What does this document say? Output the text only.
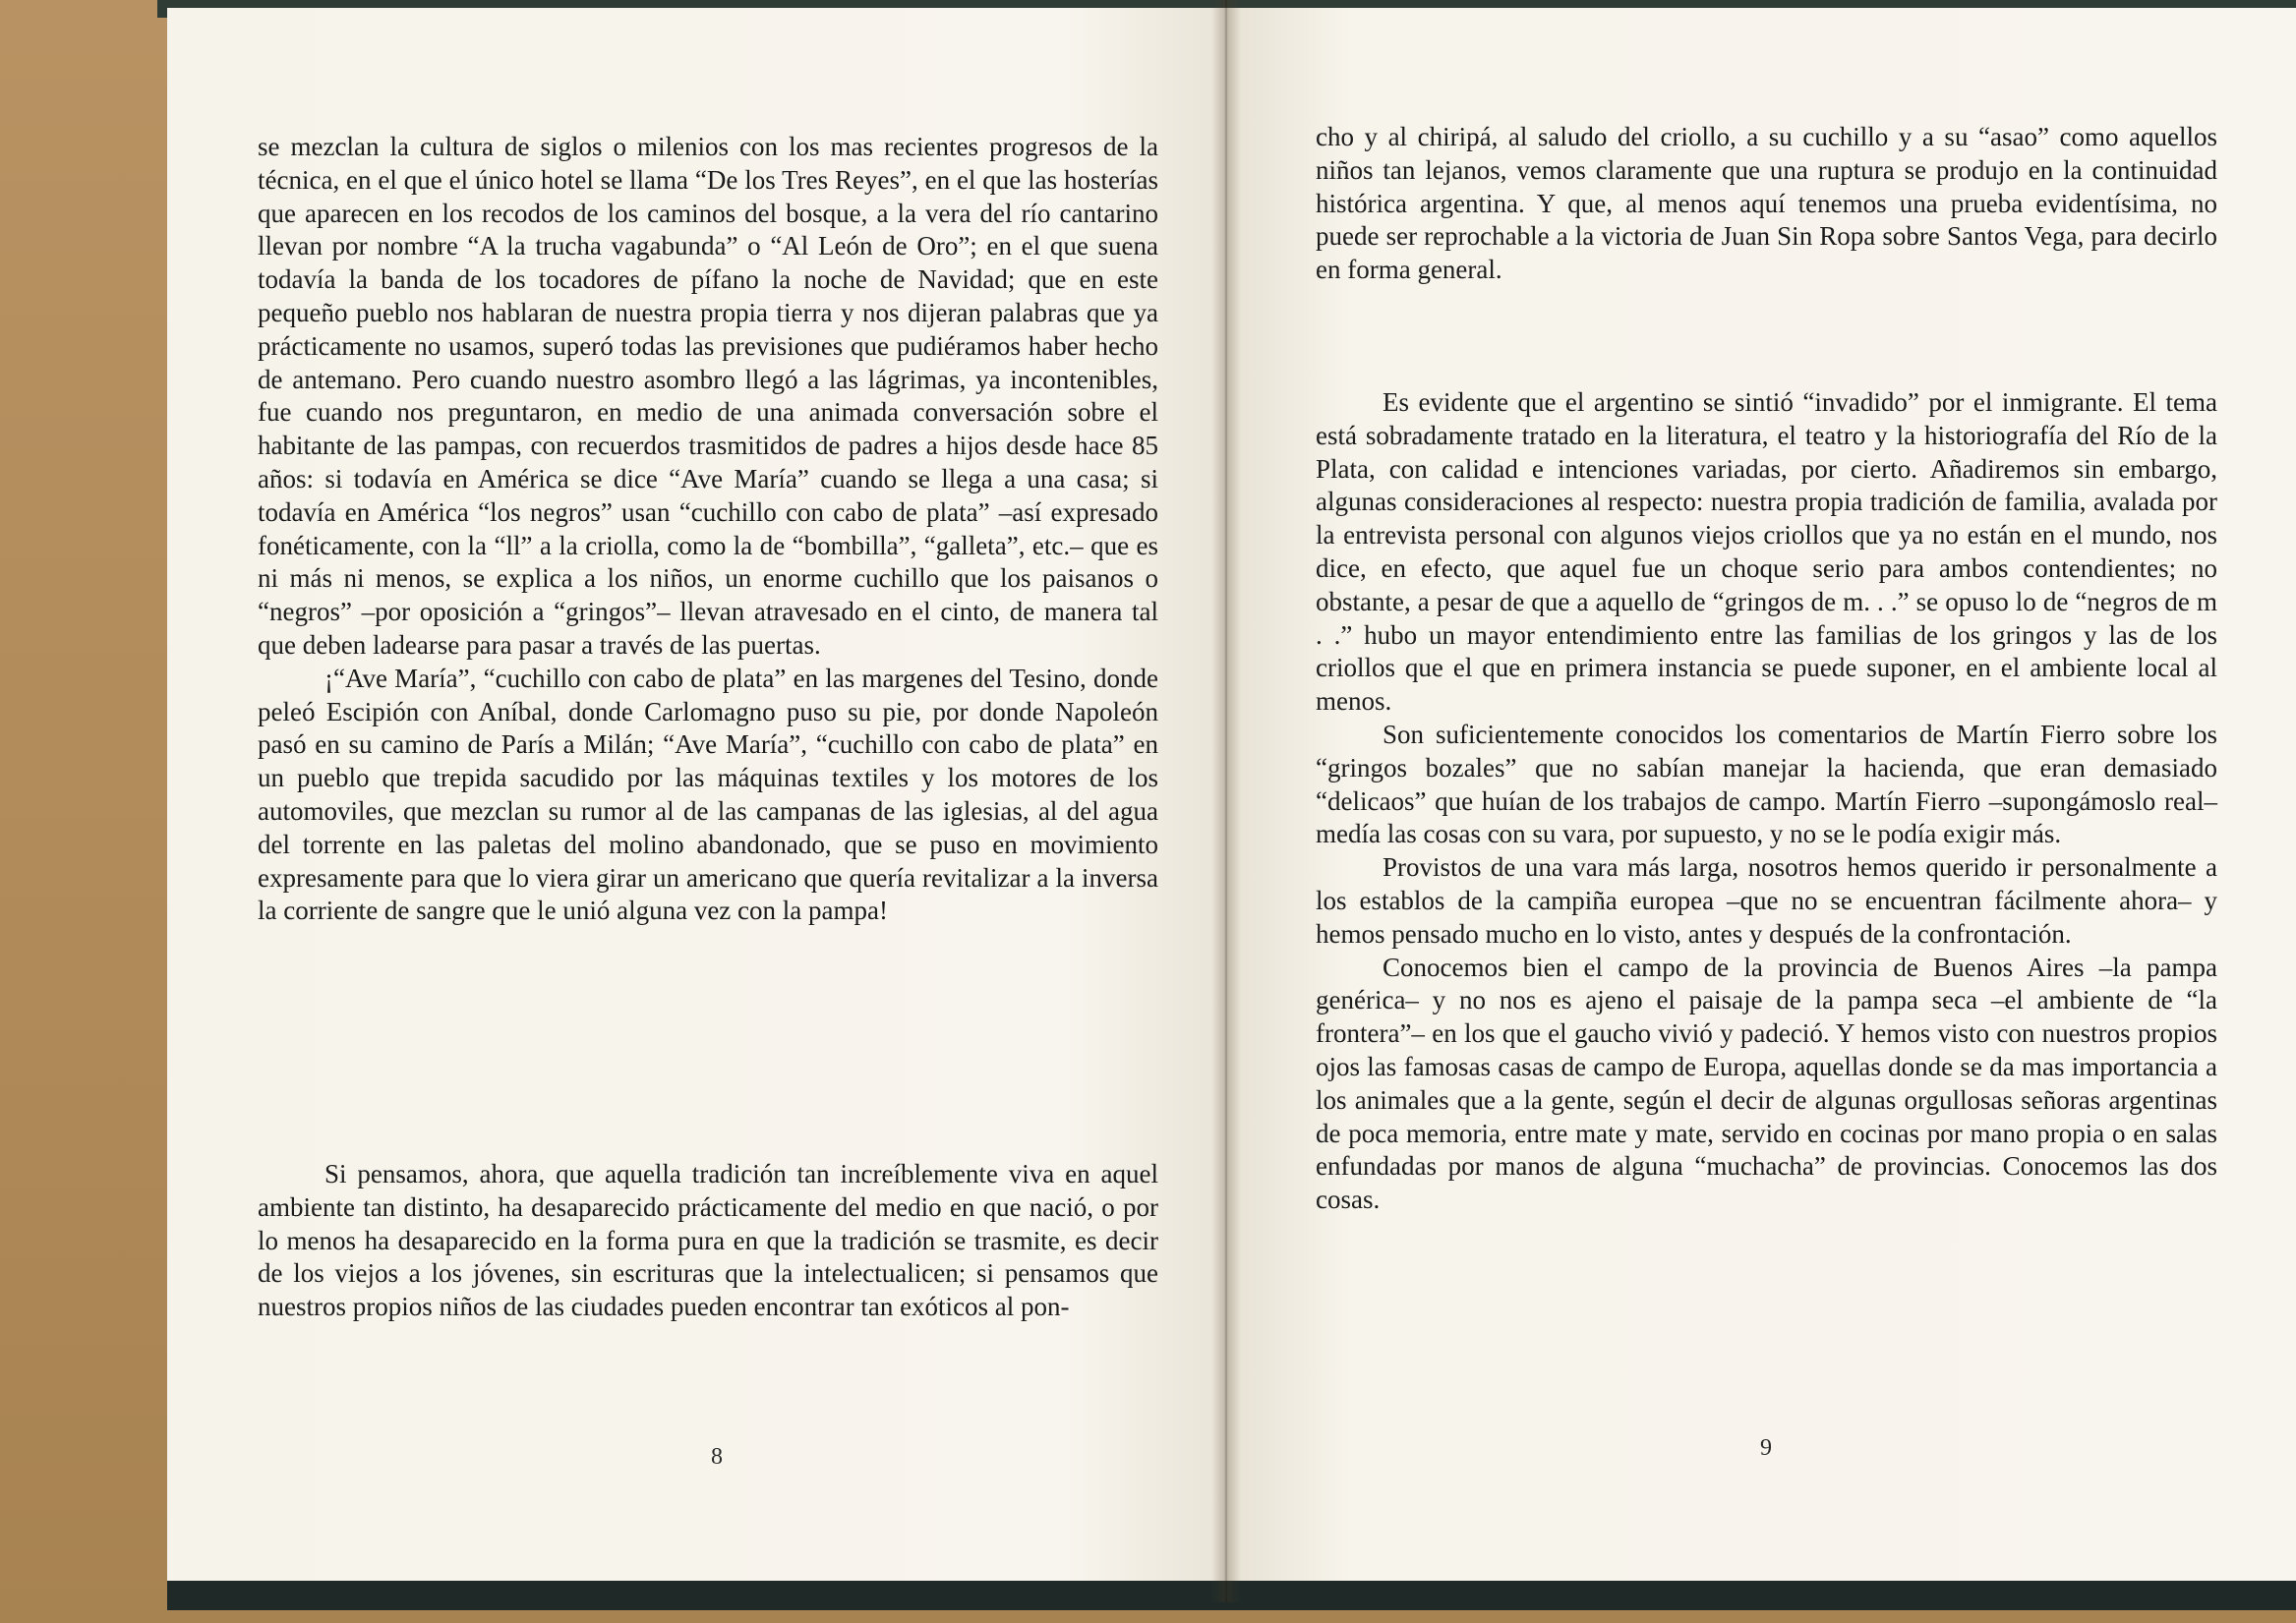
se mezclan la cultura de siglos o milenios con los mas recientes progresos de la técnica, en el que el único hotel se llama “De los Tres Reyes”, en el que las hosterías que aparecen en los recodos de los caminos del bosque, a la vera del río cantarino llevan por nombre “A la trucha vagabunda” o “Al León de Oro”; en el que suena todavía la banda de los tocadores de pífano la noche de Navidad; que en este pequeño pueblo nos hablaran de nuestra propia tierra y nos dijeran palabras que ya prácticamente no usamos, superó todas las previsiones que pudiéramos haber hecho de antemano. Pero cuando nuestro asombro llegó a las lágrimas, ya incontenibles, fue cuando nos preguntaron, en medio de una animada conversación sobre el habitante de las pampas, con recuerdos trasmitidos de padres a hijos desde hace 85 años: si todavía en América se dice “Ave María” cuando se llega a una casa; si todavía en América “los negros” usan “cuchillo con cabo de plata” –así expresado fonéticamente, con la “ll” a la criolla, como la de “bombilla”, “galleta”, etc.– que es ni más ni menos, se explica a los niños, un enorme cuchillo que los paisanos o “negros” –por oposición a “gringos”– llevan atravesado en el cinto, de manera tal que deben ladearse para pasar a través de las puertas.

¡“Ave María”, “cuchillo con cabo de plata” en las margenes del Tesino, donde peleó Escipión con Aníbal, donde Carlomagno puso su pie, por donde Napoleón pasó en su camino de París a Milán; “Ave María”, “cuchillo con cabo de plata” en un pueblo que trepida sacudido por las máquinas textiles y los motores de los automoviles, que mezclan su rumor al de las campanas de las iglesias, al del agua del torrente en las paletas del molino abandonado, que se puso en movimiento expresamente para que lo viera girar un americano que quería revitalizar a la inversa la corriente de sangre que le unió alguna vez con la pampa!

Si pensamos, ahora, que aquella tradición tan increíblemente viva en aquel ambiente tan distinto, ha desaparecido prácticamente del medio en que nació, o por lo menos ha desaparecido en la forma pura en que la tradición se trasmite, es decir de los viejos a los jóvenes, sin escrituras que la intelectualicen; si pensamos que nuestros propios niños de las ciudades pueden encontrar tan exóticos al pon-

8

cho y al chiripá, al saludo del criollo, a su cuchillo y a su “asao” como aquellos niños tan lejanos, vemos claramente que una ruptura se produjo en la continuidad histórica argentina. Y que, al menos aquí tenemos una prueba evidentísima, no puede ser reprochable a la victoria de Juan Sin Ropa sobre Santos Vega, para decirlo en forma general.

Es evidente que el argentino se sintió “invadido” por el inmigrante. El tema está sobradamente tratado en la literatura, el teatro y la historiografía del Río de la Plata, con calidad e intenciones variadas, por cierto. Añadiremos sin embargo, algunas consideraciones al respecto: nuestra propia tradición de familia, avalada por la entrevista personal con algunos viejos criollos que ya no están en el mundo, nos dice, en efecto, que aquel fue un choque serio para ambos contendientes; no obstante, a pesar de que a aquello de “gringos de m. . .” se opuso lo de “negros de m . .” hubo un mayor entendimiento entre las familias de los gringos y las de los criollos que el que en primera instancia se puede suponer, en el ambiente local al menos.

Son suficientemente conocidos los comentarios de Martín Fierro sobre los “gringos bozales” que no sabían manejar la hacienda, que eran demasiado “delicaos” que huían de los trabajos de campo. Martín Fierro –supongámoslo real– medía las cosas con su vara, por supuesto, y no se le podía exigir más.

Provistos de una vara más larga, nosotros hemos querido ir personalmente a los establos de la campiña europea –que no se encuentran fácilmente ahora– y hemos pensado mucho en lo visto, antes y después de la confrontación.

Conocemos bien el campo de la provincia de Buenos Aires –la pampa genérica– y no nos es ajeno el paisaje de la pampa seca –el ambiente de “la frontera”– en los que el gaucho vivió y padeció. Y hemos visto con nuestros propios ojos las famosas casas de campo de Europa, aquellas donde se da mas importancia a los animales que a la gente, según el decir de algunas orgullosas señoras argentinas de poca memoria, entre mate y mate, servido en cocinas por mano propia o en salas enfundadas por manos de alguna “muchacha” de provincias. Conocemos las dos cosas.

9
